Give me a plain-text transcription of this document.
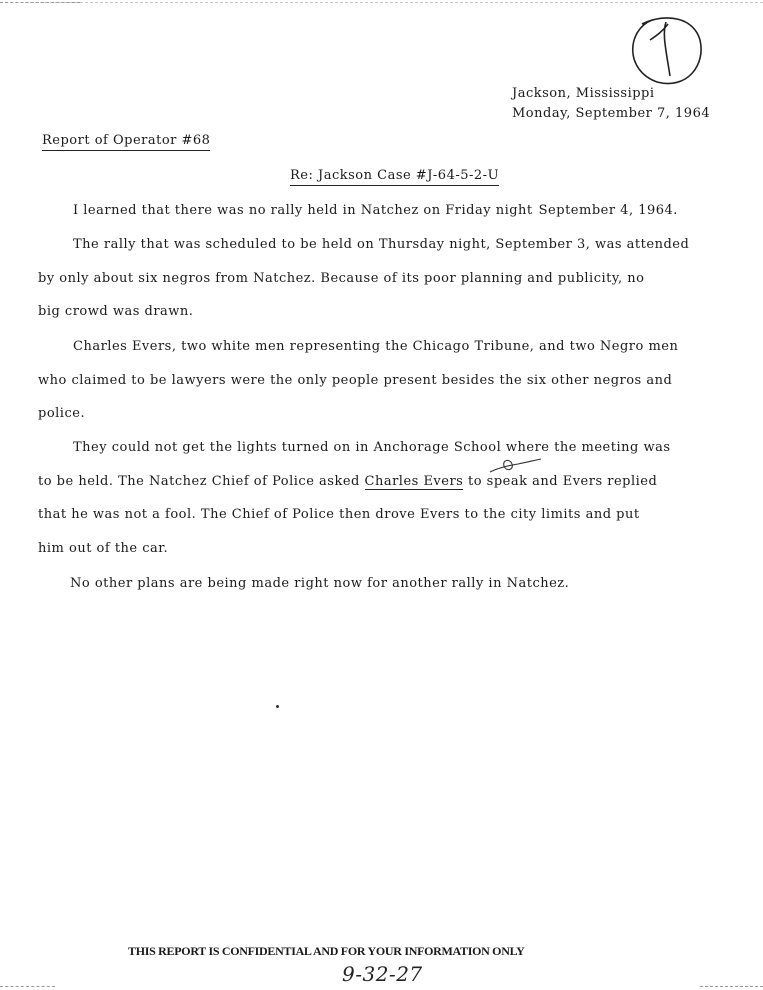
Jackson, Mississippi
Monday, September 7, 1964
Report of Operator #68
Re: Jackson Case #J-64-5-2-U
I learned that there was no rally held in Natchez on Friday night September 4, 1964.
The rally that was scheduled to be held on Thursday night, September 3, was attended
by only about six negros from Natchez. Because of its poor planning and publicity, no
big crowd was drawn.
Charles Evers, two white men representing the Chicago Tribune, and two Negro men
who claimed to be lawyers were the only people present besides the six other negros and
police.
They could not get the lights turned on in Anchorage School where the meeting was
to be held. The Natchez Chief of Police asked Charles Evers to speak and Evers replied
that he was not a fool. The Chief of Police then drove Evers to the city limits and put
him out of the car.
No other plans are being made right now for another rally in Natchez.
THIS REPORT IS CONFIDENTIAL AND FOR YOUR INFORMATION ONLY
9-32-27
